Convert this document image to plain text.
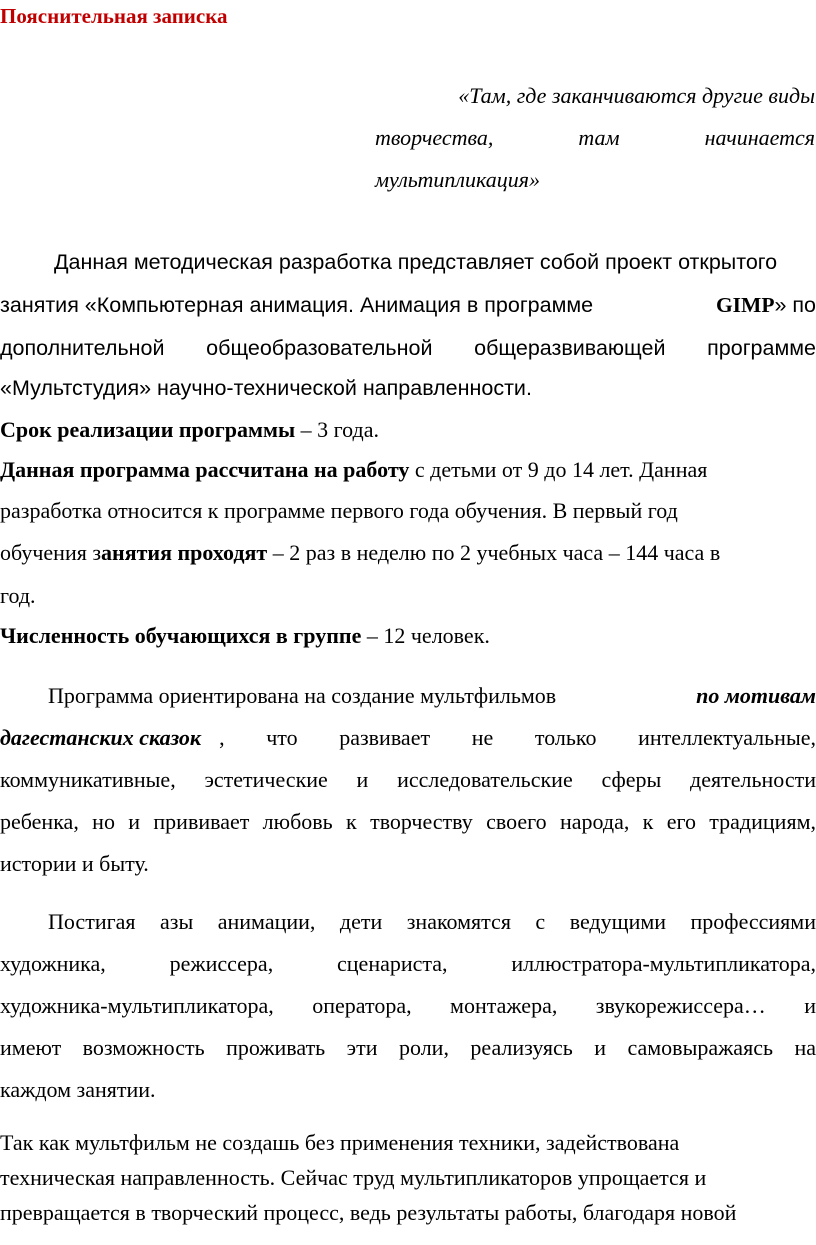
Пояснительная записка
«Там, где заканчиваются другие виды
творчества,	там	начинается
мультипликация»
Данная методическая разработка представляет собой проект открытого
занятия «Компьютерная анимация. Анимация в программе	GIMP» по
дополнительной общеобразовательной общеразвивающей программе
«Мультстудия» научно-технической направленности.
Срок реализации программы – 3 года.
Данная программа рассчитана на работу с детьми от 9 до 14 лет. Данная
разработка относится к программе первого года обучения. В первый год
обучения занятия проходят – 2 раз в неделю по 2 учебных часа – 144 часа в
год.
Численность обучающихся в группе – 12 человек.
Программа ориентирована на создание мультфильмов	по мотивам
дагестанских сказок , что развивает не только интеллектуальные,
коммуникативные, эстетические и исследовательские сферы деятельности
ребенка, но и прививает любовь к творчеству своего народа, к его традициям,
истории и быту.
Постигая азы анимации, дети знакомятся с ведущими профессиями
художника, режиссера, сценариста, иллюстратора-мультипликатора,
художника-мультипликатора, оператора, монтажера, звукорежиссера… и
имеют возможность проживать эти роли, реализуясь и самовыражаясь на
каждом занятии.
Так как мультфильм не создашь без применения техники, задействована
техническая направленность. Сейчас труд мультипликаторов упрощается и
превращается в творческий процесс, ведь результаты работы, благодаря новой
